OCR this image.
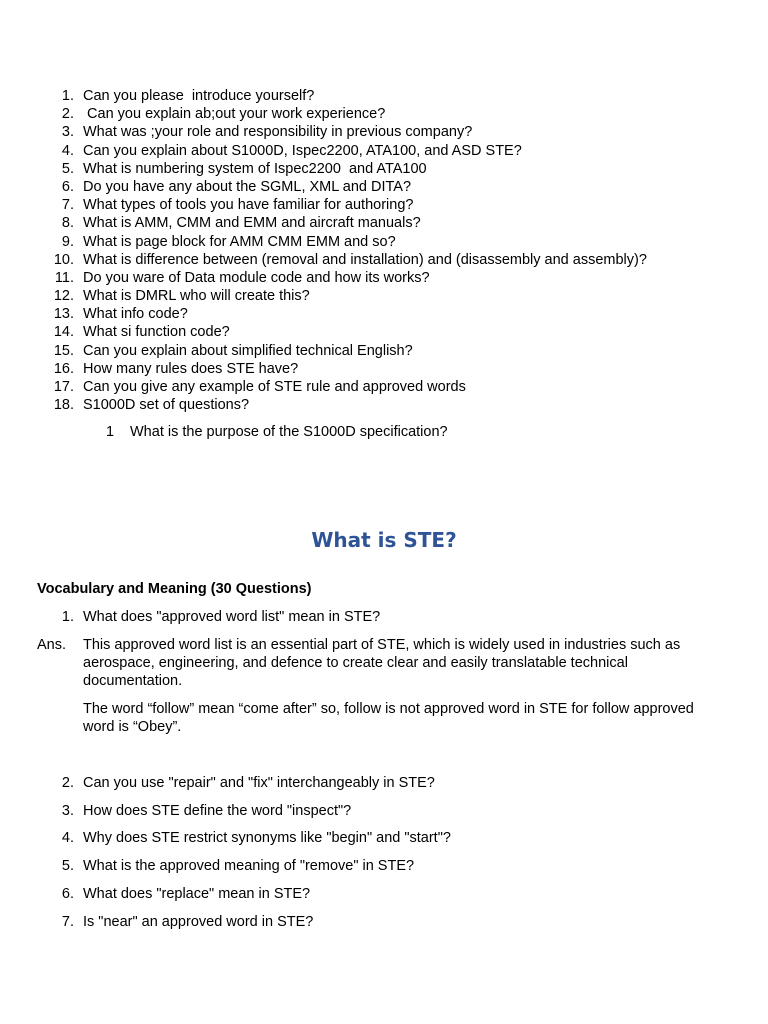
1. Can you please  introduce yourself?
2. Can you explain ab;out your work experience?
3. What was ;your role and responsibility in previous company?
4. Can you explain about S1000D, Ispec2200, ATA100, and ASD STE?
5. What is numbering system of Ispec2200  and ATA100
6. Do you have any about the SGML, XML and DITA?
7. What types of tools you have familiar for authoring?
8. What is AMM, CMM and EMM and aircraft manuals?
9. What is page block for AMM CMM EMM and so?
10. What is difference between (removal and installation) and (disassembly and assembly)?
11. Do you ware of Data module code and how its works?
12. What is DMRL who will create this?
13. What info code?
14. What si function code?
15. Can you explain about simplified technical English?
16. How many rules does STE have?
17. Can you give any example of STE rule and approved words
18. S1000D set of questions?
1 What is the purpose of the S1000D specification?
What is STE?
Vocabulary and Meaning (30 Questions)
1. What does "approved word list" mean in STE?
Ans. This approved word list is an essential part of STE, which is widely used in industries such as aerospace, engineering, and defence to create clear and easily translatable technical documentation.
The word “follow” mean “come after” so, follow is not approved word in STE for follow approved word is “Obey”.
2. Can you use "repair" and "fix" interchangeably in STE?
3. How does STE define the word "inspect"?
4. Why does STE restrict synonyms like "begin" and "start"?
5. What is the approved meaning of "remove" in STE?
6. What does "replace" mean in STE?
7. Is "near" an approved word in STE?
